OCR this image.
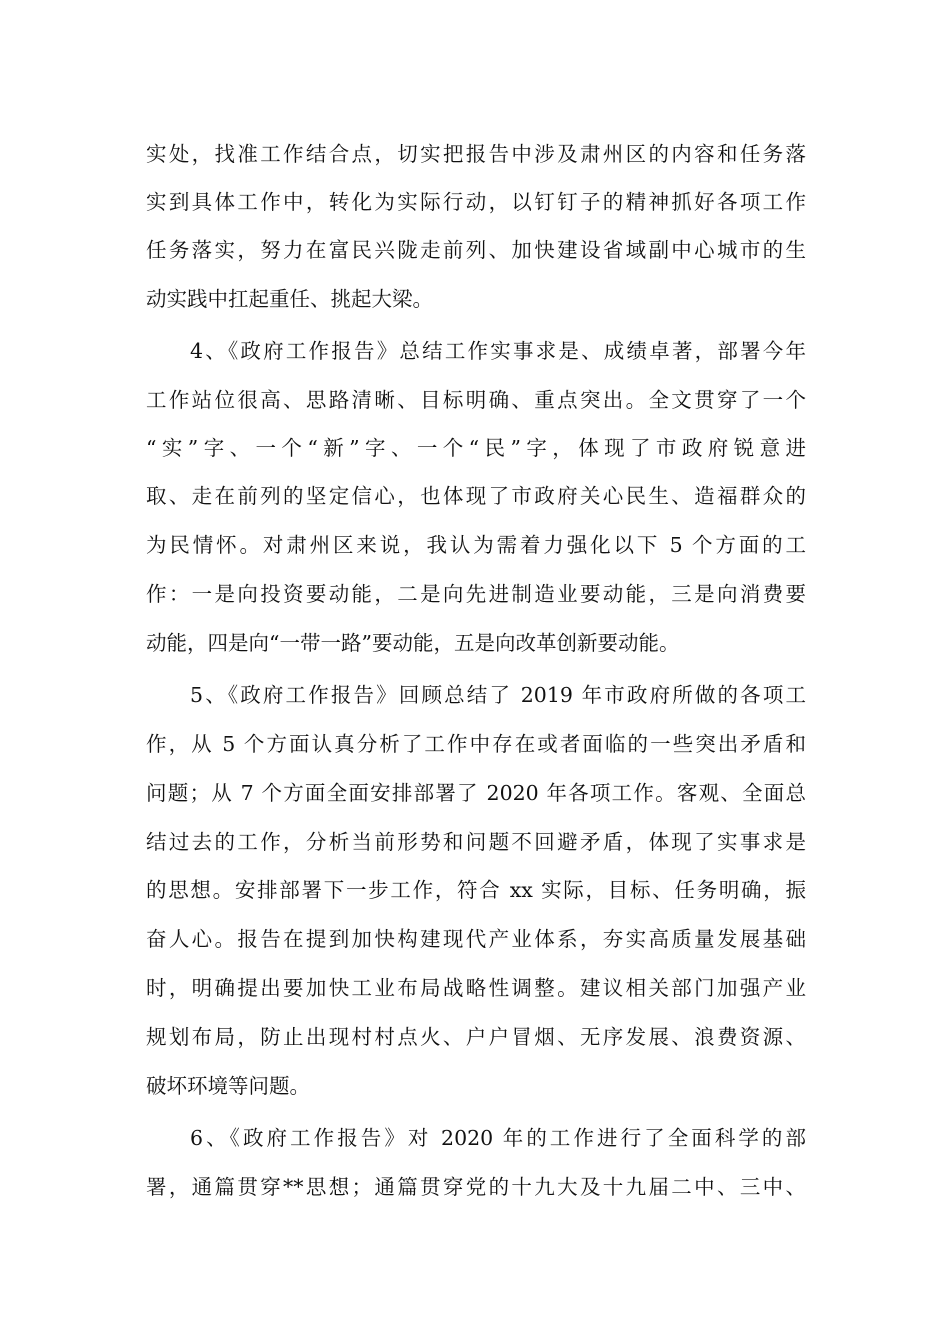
实处，找准工作结合点，切实把报告中涉及肃州区的内容和任务落
实到具体工作中，转化为实际行动，以钉钉子的精神抓好各项工作
任务落实，努力在富民兴陇走前列、加快建设省域副中心城市的生
动实践中扛起重任、挑起大梁。
4、《政府工作报告》总结工作实事求是、成绩卓著，部署今年
工作站位很高、思路清晰、目标明确、重点突出。全文贯穿了一个
“实”字、一个“新”字、一个“民”字，体现了市政府锐意进
取、走在前列的坚定信心，也体现了市政府关心民生、造福群众的
为民情怀。对肃州区来说，我认为需着力强化以下 5 个方面的工
作：一是向投资要动能，二是向先进制造业要动能，三是向消费要
动能，四是向“一带一路”要动能，五是向改革创新要动能。
5、《政府工作报告》回顾总结了 2019 年市政府所做的各项工
作，从 5 个方面认真分析了工作中存在或者面临的一些突出矛盾和
问题；从 7 个方面全面安排部署了 2020 年各项工作。客观、全面总
结过去的工作，分析当前形势和问题不回避矛盾，体现了实事求是
的思想。安排部署下一步工作，符合 xx 实际，目标、任务明确，振
奋人心。报告在提到加快构建现代产业体系，夯实高质量发展基础
时，明确提出要加快工业布局战略性调整。建议相关部门加强产业
规划布局，防止出现村村点火、户户冒烟、无序发展、浪费资源、
破坏环境等问题。
6、《政府工作报告》对 2020 年的工作进行了全面科学的部
署，通篇贯穿**思想；通篇贯穿党的十九大及十九届二中、三中、
